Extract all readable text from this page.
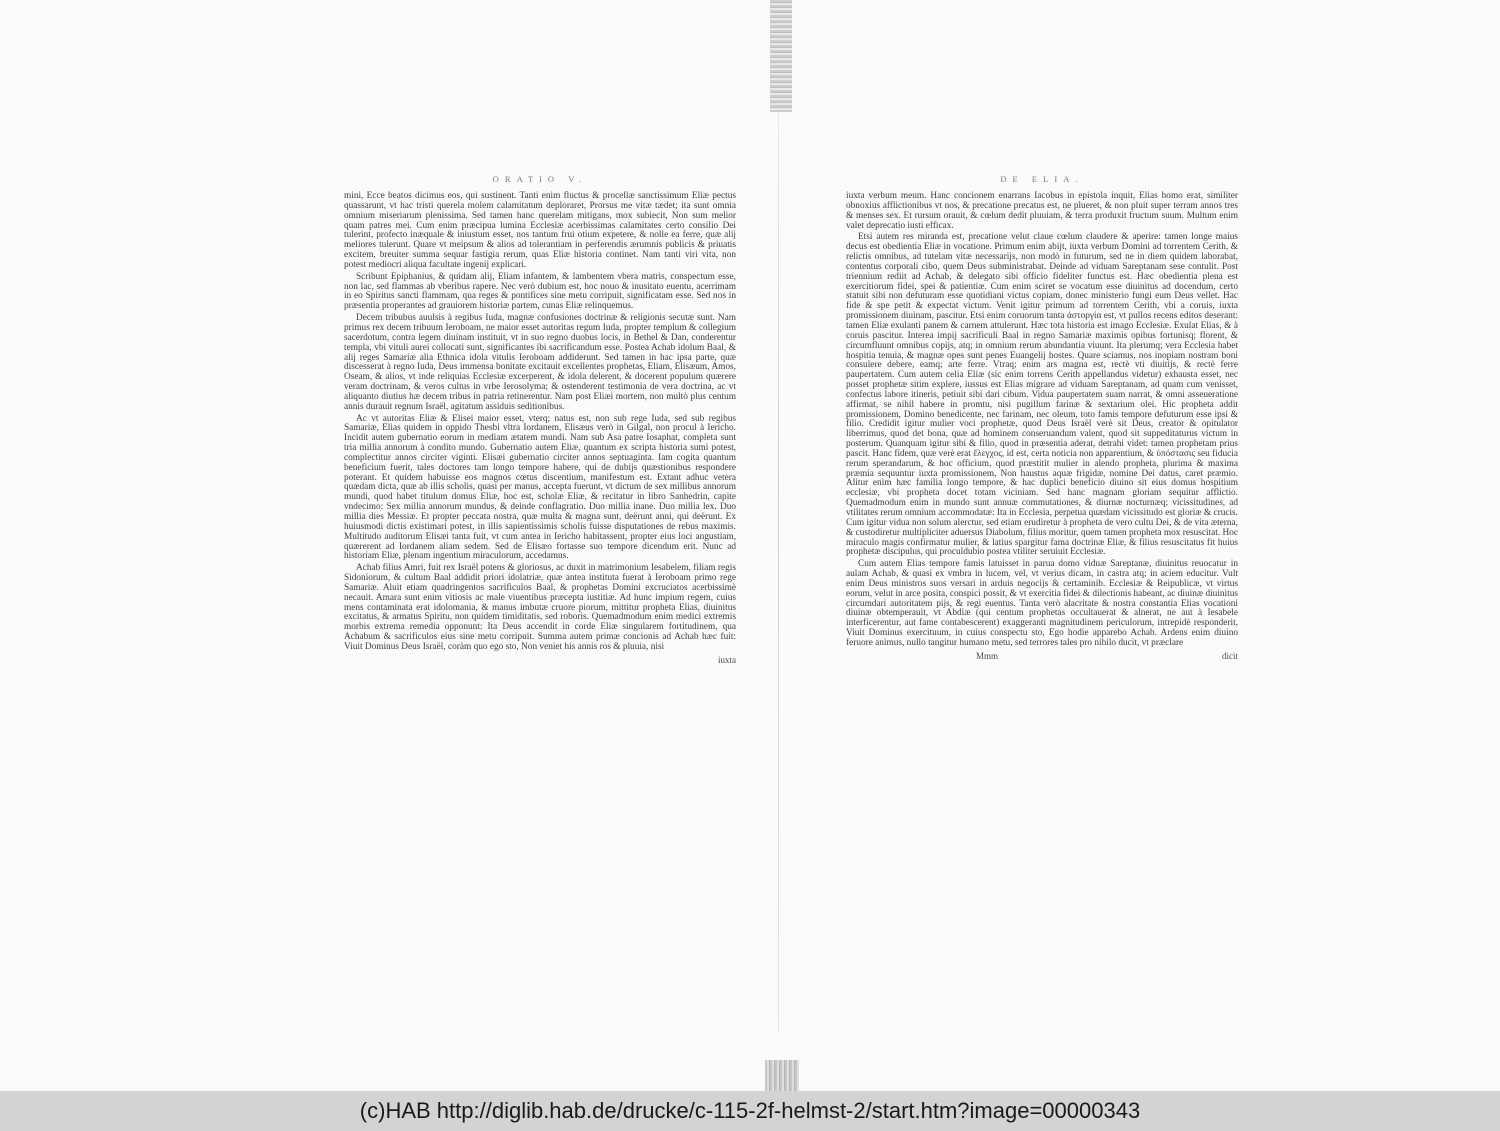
ORATIO V.

mini, Ecce beatos dicimus eos, qui sustinent. Tanti enim fluctus & procellæ sanctissimum Eliæ pectus quassarunt, vt hac tristi querela molem calamitatum deploraret, Prorsus me vitæ tædet; ita sunt omnia omnium miseriarum plenissima. Sed tamen hanc querelam mitigans, mox subiecit, Non sum melior quam patres mei. Cum enim præcipua lumina Ecclesiæ acerbissimas calamitates certo consilio Dei tulerint, profecto inæquale & iniustum esset, nos tantum frui otium expetere, & nolle ea ferre, quæ alij meliores tulerunt. Quare vt meipsum & alios ad tolerantiam in perferendis ærumnis publicis & priuatis excitem, breuiter summa sequar fastigia rerum, quas Eliæ historia continet. Nam tanti viri vita, non potest mediocri aliqua facultate ingenij explicari.

Scribunt Epiphanius, & quidam alij, Eliam infantem, & lambentem vbera matris, conspectum esse, non lac, sed flammas ab vberibus rapere. Nec verò dubium est, hoc nouo & inusitato euentu, acerrimam in eo Spiritus sancti flammam, qua reges & pontifices sine metu corripuit, significatam esse. Sed nos in præsentia properantes ad grauiorem historiæ partem, cunas Eliæ relinquemus.

Decem tribubus auulsis à regibus Iuda, magnæ confusiones doctrinæ & religionis secutæ sunt. Nam primus rex decem tribuum Ieroboam, ne maior esset autoritas regum Iuda, propter templum & collegium sacerdotum, contra legem diuinam instituit, vt in suo regno duobus locis, in Bethel & Dan, conderentur templa, vbi vituli aurei collocati sunt, significantes ibi sacrificandum esse. Postea Achab idolum Baal, & alij reges Samariæ alia Ethnica idola vitulis Ieroboam addiderunt. Sed tamen in hac ipsa parte, quæ discesserat à regno Iuda, Deus immensa bonitate excitauit excellentes prophetas, Eliam, Elisæum, Amos, Oseam, & alios, vt inde reliquias Ecclesiæ excerperent, & idola delerent, & docerent populum quærere veram doctrinam, & veros cultus in vrbe Ierosolyma; & ostenderent testimonia de vera doctrina, ac vt aliquanto diutius hæ decem tribus in patria retinerentur. Nam post Eliæi mortem, non multò plus centum annis durauit regnum Israël, agitatum assiduis seditionibus.

Ac vt autoritas Eliæ & Elisei maior esset, vterq; natus est, non sub rege Iuda, sed sub regibus Samariæ, Elias quidem in oppido Thesbi vltra Iordanem, Elisæus verò in Gilgal, non procul à Iericho. Incidit autem gubernatio eorum in mediam ætatem mundi. Nam sub Asa patre Iosaphat, completa sunt tria millia annorum à condito mundo. Gubernatio autem Eliæ, quantum ex scripta historia sumi potest, complectitur annos circiter viginti. Elisæi gubernatio circiter annos septuaginta. Iam cogita quantum beneficium fuerit, tales doctores tam longo tempore habere, qui de dubijs quæstionibus respondere poterant. Et quidem habuisse eos magnos cœtus discentium, manifestum est. Extant adhuc vetera quædam dicta, quæ ab illis scholis, quasi per manus, accepta fuerunt, vt dictum de sex millibus annorum mundi, quod habet titulum domus Eliæ, hoc est, scholæ Eliæ, & recitatur in libro Sanhedrin, capite vndecimo: Sex millia annorum mundus, & deinde conflagratio. Duo millia inane. Duo millia lex. Duo millia dies Messiæ. Et propter peccata nostra, quæ multa & magna sunt, deërunt anni, qui deërunt. Ex huiusmodi dictis existimari potest, in illis sapientissimis scholis fuisse disputationes de rebus maximis. Multitudo auditorum Elisæi tanta fuit, vt cum antea in Iericho habitassent, propter eius loci angustiam, quærerent ad Iordanem aliam sedem. Sed de Elisæo fortasse suo tempore dicendum erit. Nunc ad historiam Eliæ, plenam ingentium miraculorum, accedamus.

Achab filius Amri, fuit rex Israël potens & gloriosus, ac duxit in matrimonium Iesabelem, filiam regis Sidoniorum, & cultum Baal addidit priori idolatriæ, quæ antea instituta fuerat à Ieroboam primo rege Samariæ. Aluit etiam quadringentos sacrificulos Baal, & prophetas Domini excruciatos acerbissimè necauit. Amara sunt enim vitiosis ac male viuentibus præcepta iustitiæ. Ad hunc impium regem, cuius mens contaminata erat idolomania, & manus imbutæ cruore piorum, mittitur propheta Elias, diuinitus excitatus, & armatus Spiritu, non quidem timiditatis, sed roboris. Quemadmodum enim medici extremis morbis extrema remedia opponunt: Ita Deus accendit in corde Eliæ singularem fortitudinem, qua Achabum & sacrificulos eius sine metu corripuit. Summa autem primæ concionis ad Achab hæc fuit: Viuit Dominus Deus Israël, coràm quo ego sto, Non veniet his annis ros & pluuia, nisi

iuxta
DE ELIA.

iuxta verbum meum. Hanc concionem enarrans Iacobus in epistola inquit, Elias homo erat, similiter obnoxius afflictionibus vt nos, & precatione precatus est, ne plueret, & non pluit super terram annos tres & menses sex. Et rursum orauit, & cœlum dedit pluuiam, & terra produxit fructum suum. Multum enim valet deprecatio iusti efficax.

Etsi autem res miranda est, precatione velut claue cœlum claudere & aperire: tamen longe maius decus est obedientia Eliæ in vocatione. Primum enim abijt, iuxta verbum Domini ad torrentem Cerith, & relictis omnibus, ad tutelam vitæ necessarijs, non modò in futurum, sed ne in diem quidem laborabat, contentus corporali cibo, quem Deus subministrabat. Deinde ad viduam Sareptanam sese contulit. Post triennium rediit ad Achab, & delegato sibi officio fideliter functus est. Hæc obedientia plena est exercitiorum fidei, spei & patientiæ. Cum enim sciret se vocatum esse diuinitus ad docendum, certo statuit sibi non defuturam esse quotidiani victus copiam, donec ministerio fungi eum Deus vellet. Hac fide & spe petit & expectat victum. Venit igitur primum ad torrentem Cerith, vbi a coruis, iuxta promissionem diuinam, pascitur. Etsi enim coruorum tanta ἀστοργία est, vt pullos recens editos deserant: tamen Eliæ exulanti panem & carnem attulerunt. Hæc tota historia est imago Ecclesiæ. Exulat Elias, & à coruis pascitur. Interea impij sacrificuli Baal in regno Samariæ maximis opibus fortunisq; florent, & circumfluunt omnibus copijs, atq; in omnium rerum abundantia viuunt. Ita plerumq; vera Ecclesia habet hospitia tenuia, & magnæ opes sunt penes Euangelij hostes. Quare sciamus, nos inopiam nostram boni consulere debere, eamq; arte ferre. Vtraq; enim ars magna est, rectè vti diuitijs, & rectè ferre paupertatem. Cum autem celia Eliæ (sic enim torrens Cerith appellandus videtur) exhausta esset, nec posset prophetæ sitim explere, iussus est Elias migrare ad viduam Sareptanam, ad quam cum venisset, confectus labore itineris, petiuit sibi dari cibum. Vidua paupertatem suam narrat, & omni asseueratione affirmat, se nihil habere in promtu, nisi pugillum farinæ & sextarium olei. Hic propheta addit promissionem, Domino benedicente, nec farinam, nec oleum, toto famis tempore defuturum esse ipsi & filio. Credidit igitur mulier voci prophetæ, quod Deus Israël verè sit Deus, creator & opitulator liberrimus, quod det bona, quæ ad hominem conseruandum valent, quod sit suppeditaturus victum in posterum. Quanquam igitur sibi & filio, quod in præsentia aderat, detrahi videt: tamen prophetam prius pascit. Hanc fidem, quæ verè erat ἔλεγχος, id est, certa noticia non apparentium, & ὑπόστασις seu fiducia rerum sperandarum, & hoc officium, quod præstitit mulier in alendo propheta, plurima & maxima præmia sequuntur iuxta promissionem, Non haustus aquæ frigidæ, nomine Dei datus, caret præmio. Alitur enim hæc familia longo tempore, & hac duplici beneficio diuino sit eius domus hospitium ecclesiæ, vbi propheta docet totam viciniam. Sed hanc magnam gloriam sequitur afflictio. Quemadmodum enim in mundo sunt annuæ commutationes, & diurnæ nocturnæq; vicissitudines, ad vtilitates rerum omnium accommodatæ: Ita in Ecclesia, perpetua quædam vicissitudo est gloriæ & crucis. Cum igitur vidua non solum alerctur, sed etiam erudiretur à propheta de vero cultu Dei, & de vita æterna, & custodiretur multipliciter aduersus Diabolum, filius moritur, quem tamen propheta mox resuscitat. Hoc miraculo magis confirmatur mulier, & latius spargitur fama doctrinæ Eliæ, & filius resuscitatus fit huius prophetæ discipulus, qui proculdubio postea vtiliter seruiuit Ecclesiæ.

Cum autem Elias tempore famis latuisset in parua domo viduæ Sareptanæ, diuinitus reuocatur in aulam Achab, & quasi ex vmbra in lucem, vel, vt verius dicam, in castra atq; in aciem educitur. Vult enim Deus ministros suos versari in arduis negocijs & certaminib. Ecclesiæ & Reipublicæ, vt virtus eorum, velut in arce posita, conspici possit, & vt exercitia fidei & dilectionis habeant, ac diuinæ diuinitus circumdari autoritatem pijs, & regi euentus. Tanta verò alacritate & nostra constantia Elias vocationi diuinæ obtemperauit, vt Abdiæ (qui centum prophetas occultauerat & alnerat, ne aut à Iesabele interficerentur, aut fame contabescerent) exaggeranti magnitudinem periculorum, intrepidè responderit, Viuit Dominus exercituum, in cuius conspectu sto, Ego hodie apparebo Achab. Ardens enim diuino feruore animus, nullo tangitur humano metu, sed terrores tales pro nihilo ducit, vt præclare

Mmm	dicit
(c)HAB http://diglib.hab.de/drucke/c-115-2f-helmst-2/start.htm?image=00000343
